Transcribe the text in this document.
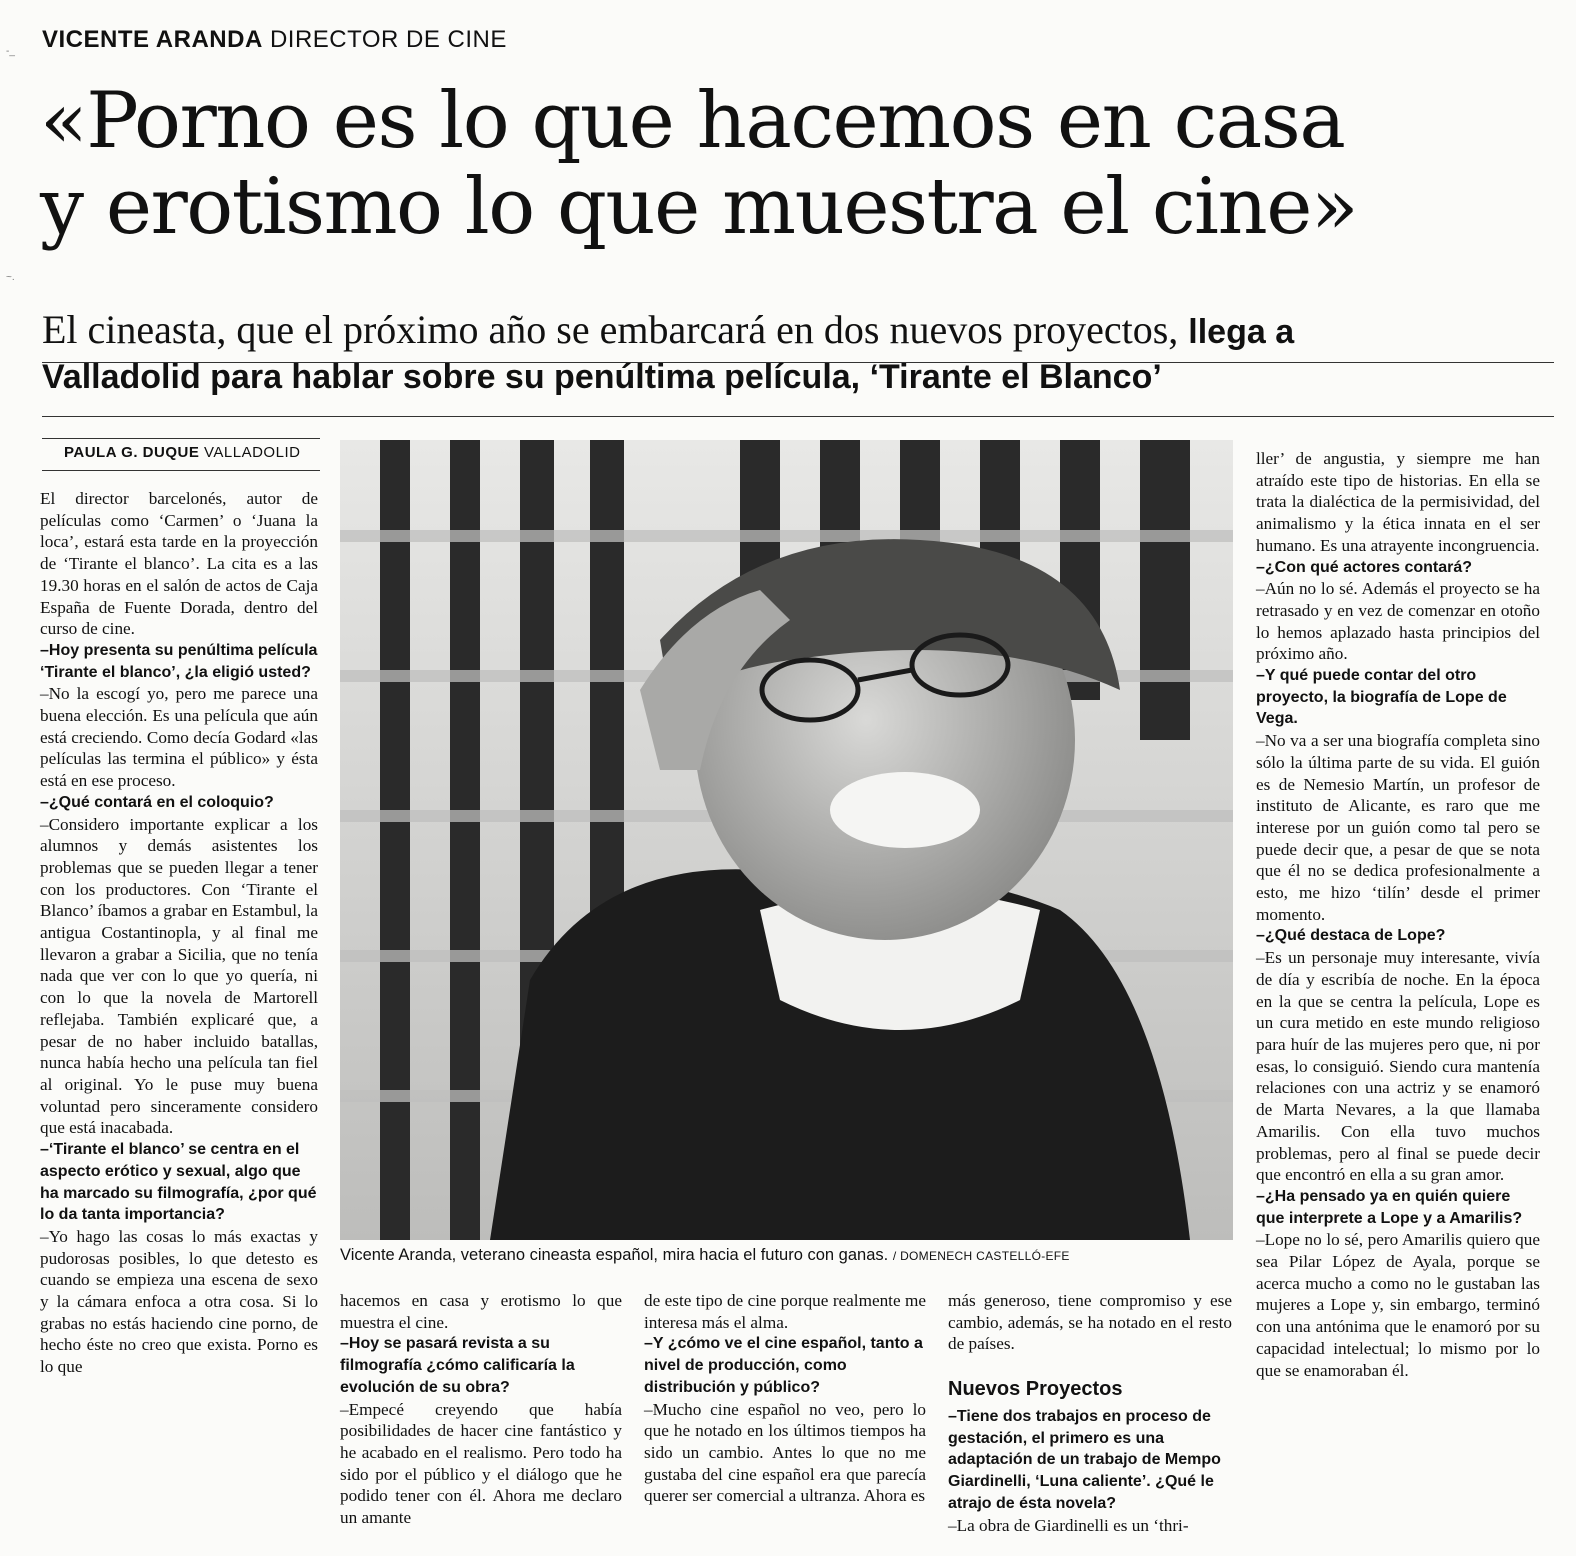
VICENTE ARANDA DIRECTOR DE CINE
«Porno es lo que hacemos en casa
y erotismo lo que muestra el cine»
El cineasta, que el próximo año se embarcará en dos nuevos proyectos, llega a
Valladolid para hablar sobre su penúltima película, ‘Tirante el Blanco’
PAULA G. DUQUE VALLADOLID

El director barcelonés, autor de películas como ‘Carmen’ o ‘Juana la loca’, estará esta tarde en la proyección de ‘Tirante el blanco’. La cita es a las 19.30 horas en el salón de actos de Caja España de Fuente Dorada, dentro del curso de cine.

–Hoy presenta su penúltima película ‘Tirante el blanco’, ¿la eligió usted?

–No la escogí yo, pero me parece una buena elección. Es una película que aún está creciendo. Como decía Godard «las películas las termina el público» y ésta está en ese proceso.

–¿Qué contará en el coloquio?

–Considero importante explicar a los alumnos y demás asistentes los problemas que se pueden llegar a tener con los productores. Con ‘Tirante el Blanco’ íbamos a grabar en Estambul, la antigua Costantinopla, y al final me llevaron a grabar a Sicilia, que no tenía nada que ver con lo que yo quería, ni con lo que la novela de Martorell reflejaba. También explicaré que, a pesar de no haber incluido batallas, nunca había hecho una película tan fiel al original. Yo le puse muy buena voluntad pero sinceramente considero que está inacabada.

–‘Tirante el blanco’ se centra en el aspecto erótico y sexual, algo que ha marcado su filmografía, ¿por qué lo da tanta importancia?

–Yo hago las cosas lo más exactas y pudorosas posibles, lo que detesto es cuando se empieza una escena de sexo y la cámara enfoca a otra cosa. Si lo grabas no estás haciendo cine porno, de hecho éste no creo que exista. Porno es lo que

hacemos en casa y erotismo lo que muestra el cine.

–Hoy se pasará revista a su filmografía ¿cómo calificaría la evolución de su obra?

–Empecé creyendo que había posibilidades de hacer cine fantástico y he acabado en el realismo. Pero todo ha sido por el público y el diálogo que he podido tener con él. Ahora me declaro un amante

de este tipo de cine porque realmente me interesa más el alma.

–Y ¿cómo ve el cine español, tanto a nivel de producción, como distribución y público?

–Mucho cine español no veo, pero lo que he notado en los últimos tiempos ha sido un cambio. Antes lo que no me gustaba del cine español era que parecía querer ser comercial a ultranza. Ahora es

más generoso, tiene compromiso y ese cambio, además, se ha notado en el resto de países.

Nuevos Proyectos

–Tiene dos trabajos en proceso de gestación, el primero es una adaptación de un trabajo de Mempo Giardinelli, ‘Luna caliente’. ¿Qué le atrajo de ésta novela?

–La obra de Giardinelli es un ‘thri-

ller’ de angustia, y siempre me han atraído este tipo de historias. En ella se trata la dialéctica de la permisividad, del animalismo y la ética innata en el ser humano. Es una atrayente incongruencia.

–¿Con qué actores contará?

–Aún no lo sé. Además el proyecto se ha retrasado y en vez de comenzar en otoño lo hemos aplazado hasta principios del próximo año.

–Y qué puede contar del otro proyecto, la biografía de Lope de Vega.

–No va a ser una biografía completa sino sólo la última parte de su vida. El guión es de Nemesio Martín, un profesor de instituto de Alicante, es raro que me interese por un guión como tal pero se puede decir que, a pesar de que se nota que él no se dedica profesionalmente a esto, me hizo ‘tilín’ desde el primer momento.

–¿Qué destaca de Lope?

–Es un personaje muy interesante, vivía de día y escribía de noche. En la época en la que se centra la película, Lope es un cura metido en este mundo religioso para huír de las mujeres pero que, ni por esas, lo consiguió. Siendo cura mantenía relaciones con una actriz y se enamoró de Marta Nevares, a la que llamaba Amarilis. Con ella tuvo muchos problemas, pero al final se puede decir que encontró en ella a su gran amor.

–¿Ha pensado ya en quién quiere que interprete a Lope y a Amarilis?

–Lope no lo sé, pero Amarilis quiero que sea Pilar López de Ayala, porque se acerca mucho a como no le gustaban las mujeres a Lope y, sin embargo, terminó con una antónima que le enamoró por su capacidad intelectual; lo mismo por lo que se enamoraban él.

Vicente Aranda, veterano cineasta español, mira hacia el futuro con ganas. / DOMENECH CASTELLÓ-EFE
-_
~.
